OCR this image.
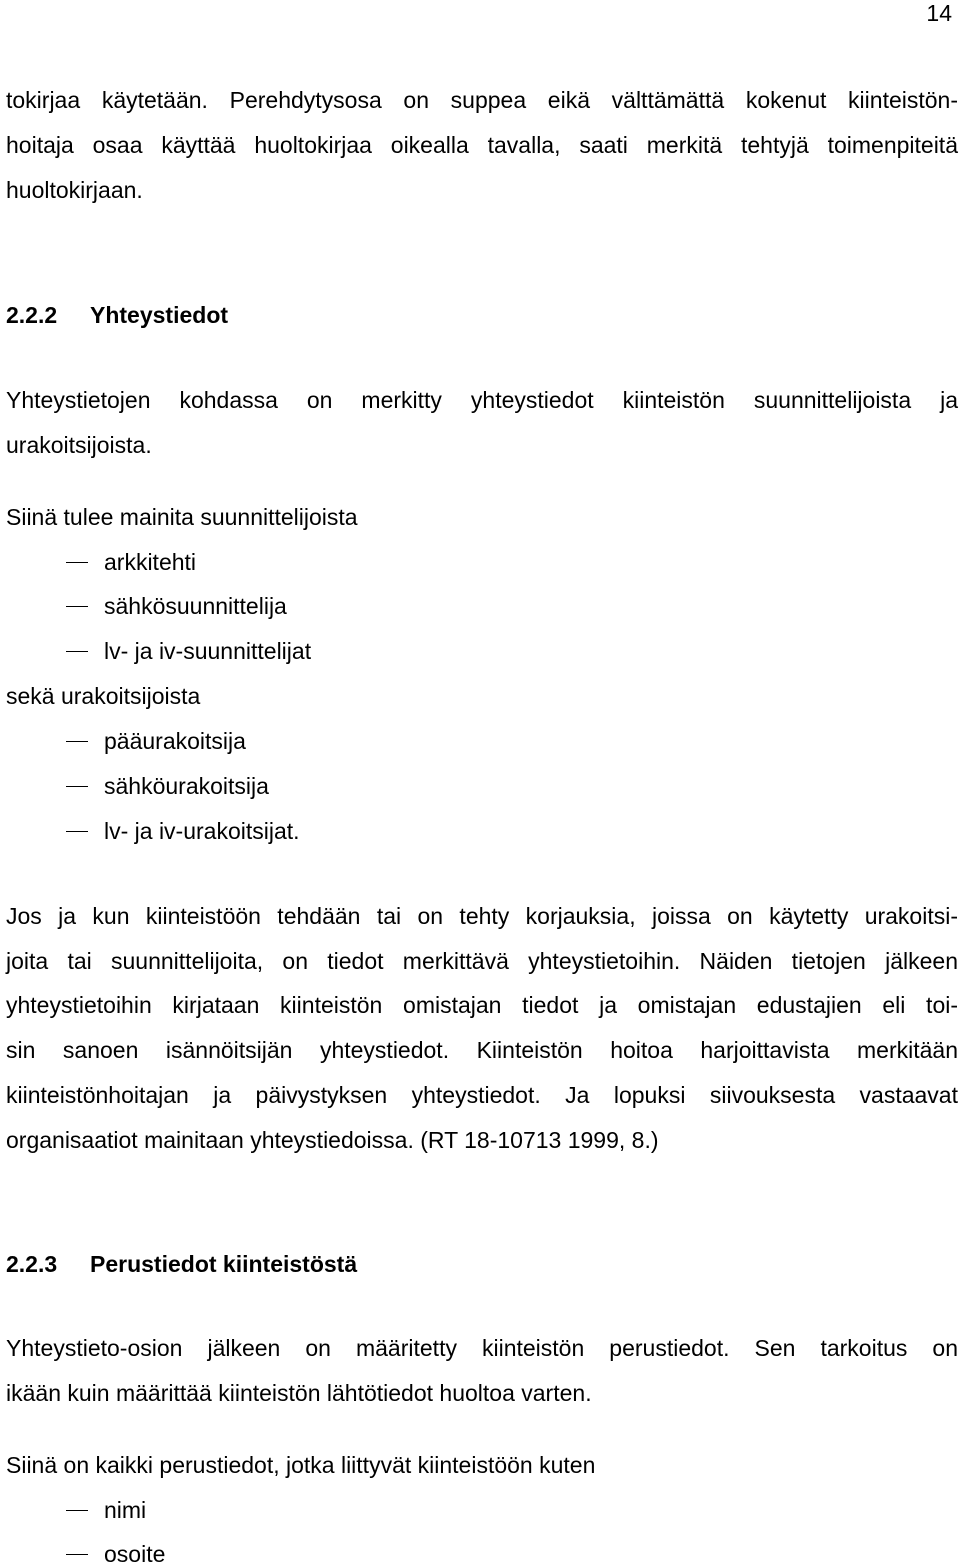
14
tokirjaa käytetään. Perehdytysosa on suppea eikä välttämättä kokenut kiinteistön-
hoitaja osaa käyttää huoltokirjaa oikealla tavalla, saati merkitä tehtyjä toimenpiteitä
huoltokirjaan.
2.2.2 Yhteystiedot
Yhteystietojen kohdassa on merkitty yhteystiedot kiinteistön suunnittelijoista ja
urakoitsijoista.
Siinä tulee mainita suunnittelijoista
arkkitehti
sähkösuunnittelija
lv- ja iv-suunnittelijat
sekä urakoitsijoista
pääurakoitsija
sähköurakoitsija
lv- ja iv-urakoitsijat.
Jos ja kun kiinteistöön tehdään tai on tehty korjauksia, joissa on käytetty urakoitsi-
joita tai suunnittelijoita, on tiedot merkittävä yhteystietoihin. Näiden tietojen jälkeen
yhteystietoihin kirjataan kiinteistön omistajan tiedot ja omistajan edustajien eli toi-
sin sanoen isännöitsijän yhteystiedot. Kiinteistön hoitoa harjoittavista merkitään
kiinteistönhoitajan ja päivystyksen yhteystiedot. Ja lopuksi siivouksesta vastaavat
organisaatiot mainitaan yhteystiedoissa. (RT 18-10713 1999, 8.)
2.2.3 Perustiedot kiinteistöstä
Yhteystieto-osion jälkeen on määritetty kiinteistön perustiedot. Sen tarkoitus on
ikään kuin määrittää kiinteistön lähtötiedot huoltoa varten.
Siinä on kaikki perustiedot, jotka liittyvät kiinteistöön kuten
nimi
osoite
